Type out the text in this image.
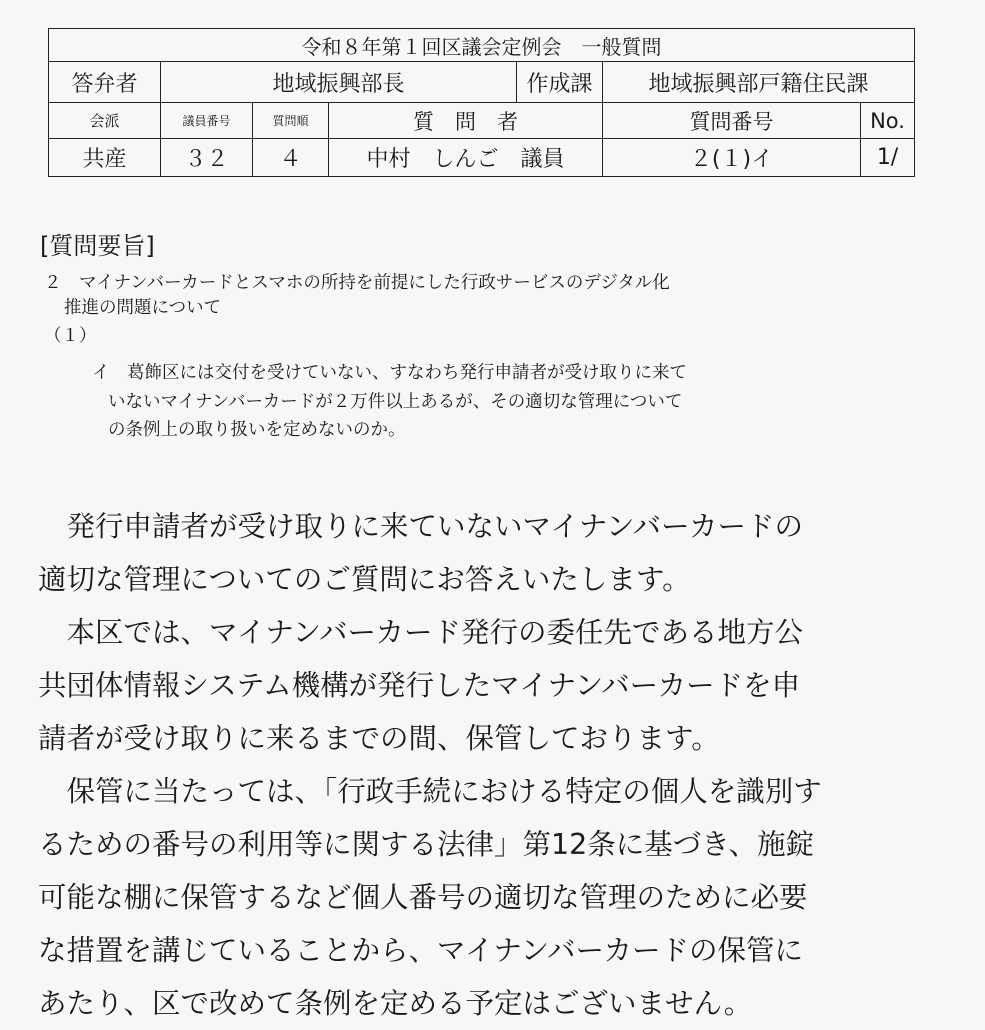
令和８年第１回区議会定例会　一般質問						
答弁者	地域振興部長			作成課	地域振興部戸籍住民課	
会派	議員番号	質問順	質　問　者		質問番号	No.
共産	３２	４	中村　しんご　議員		２(１)イ	1/
[質問要旨]
２　マイナンバーカードとスマホの所持を前提にした行政サービスのデジタル化
推進の問題について
（１）
イ　葛飾区には交付を受けていない、すなわち発行申請者が受け取りに来て
いないマイナンバーカードが２万件以上あるが、その適切な管理について
の条例上の取り扱いを定めないのか。
　発行申請者が受け取りに来ていないマイナンバーカードの
適切な管理についてのご質問にお答えいたします。
　本区では、マイナンバーカード発行の委任先である地方公
共団体情報システム機構が発行したマイナンバーカードを申
請者が受け取りに来るまでの間、保管しております。
　保管に当たっては、「行政手続における特定の個人を識別す
るための番号の利用等に関する法律」第12条に基づき、施錠
可能な棚に保管するなど個人番号の適切な管理のために必要
な措置を講じていることから、マイナンバーカードの保管に
あたり、区で改めて条例を定める予定はございません。
